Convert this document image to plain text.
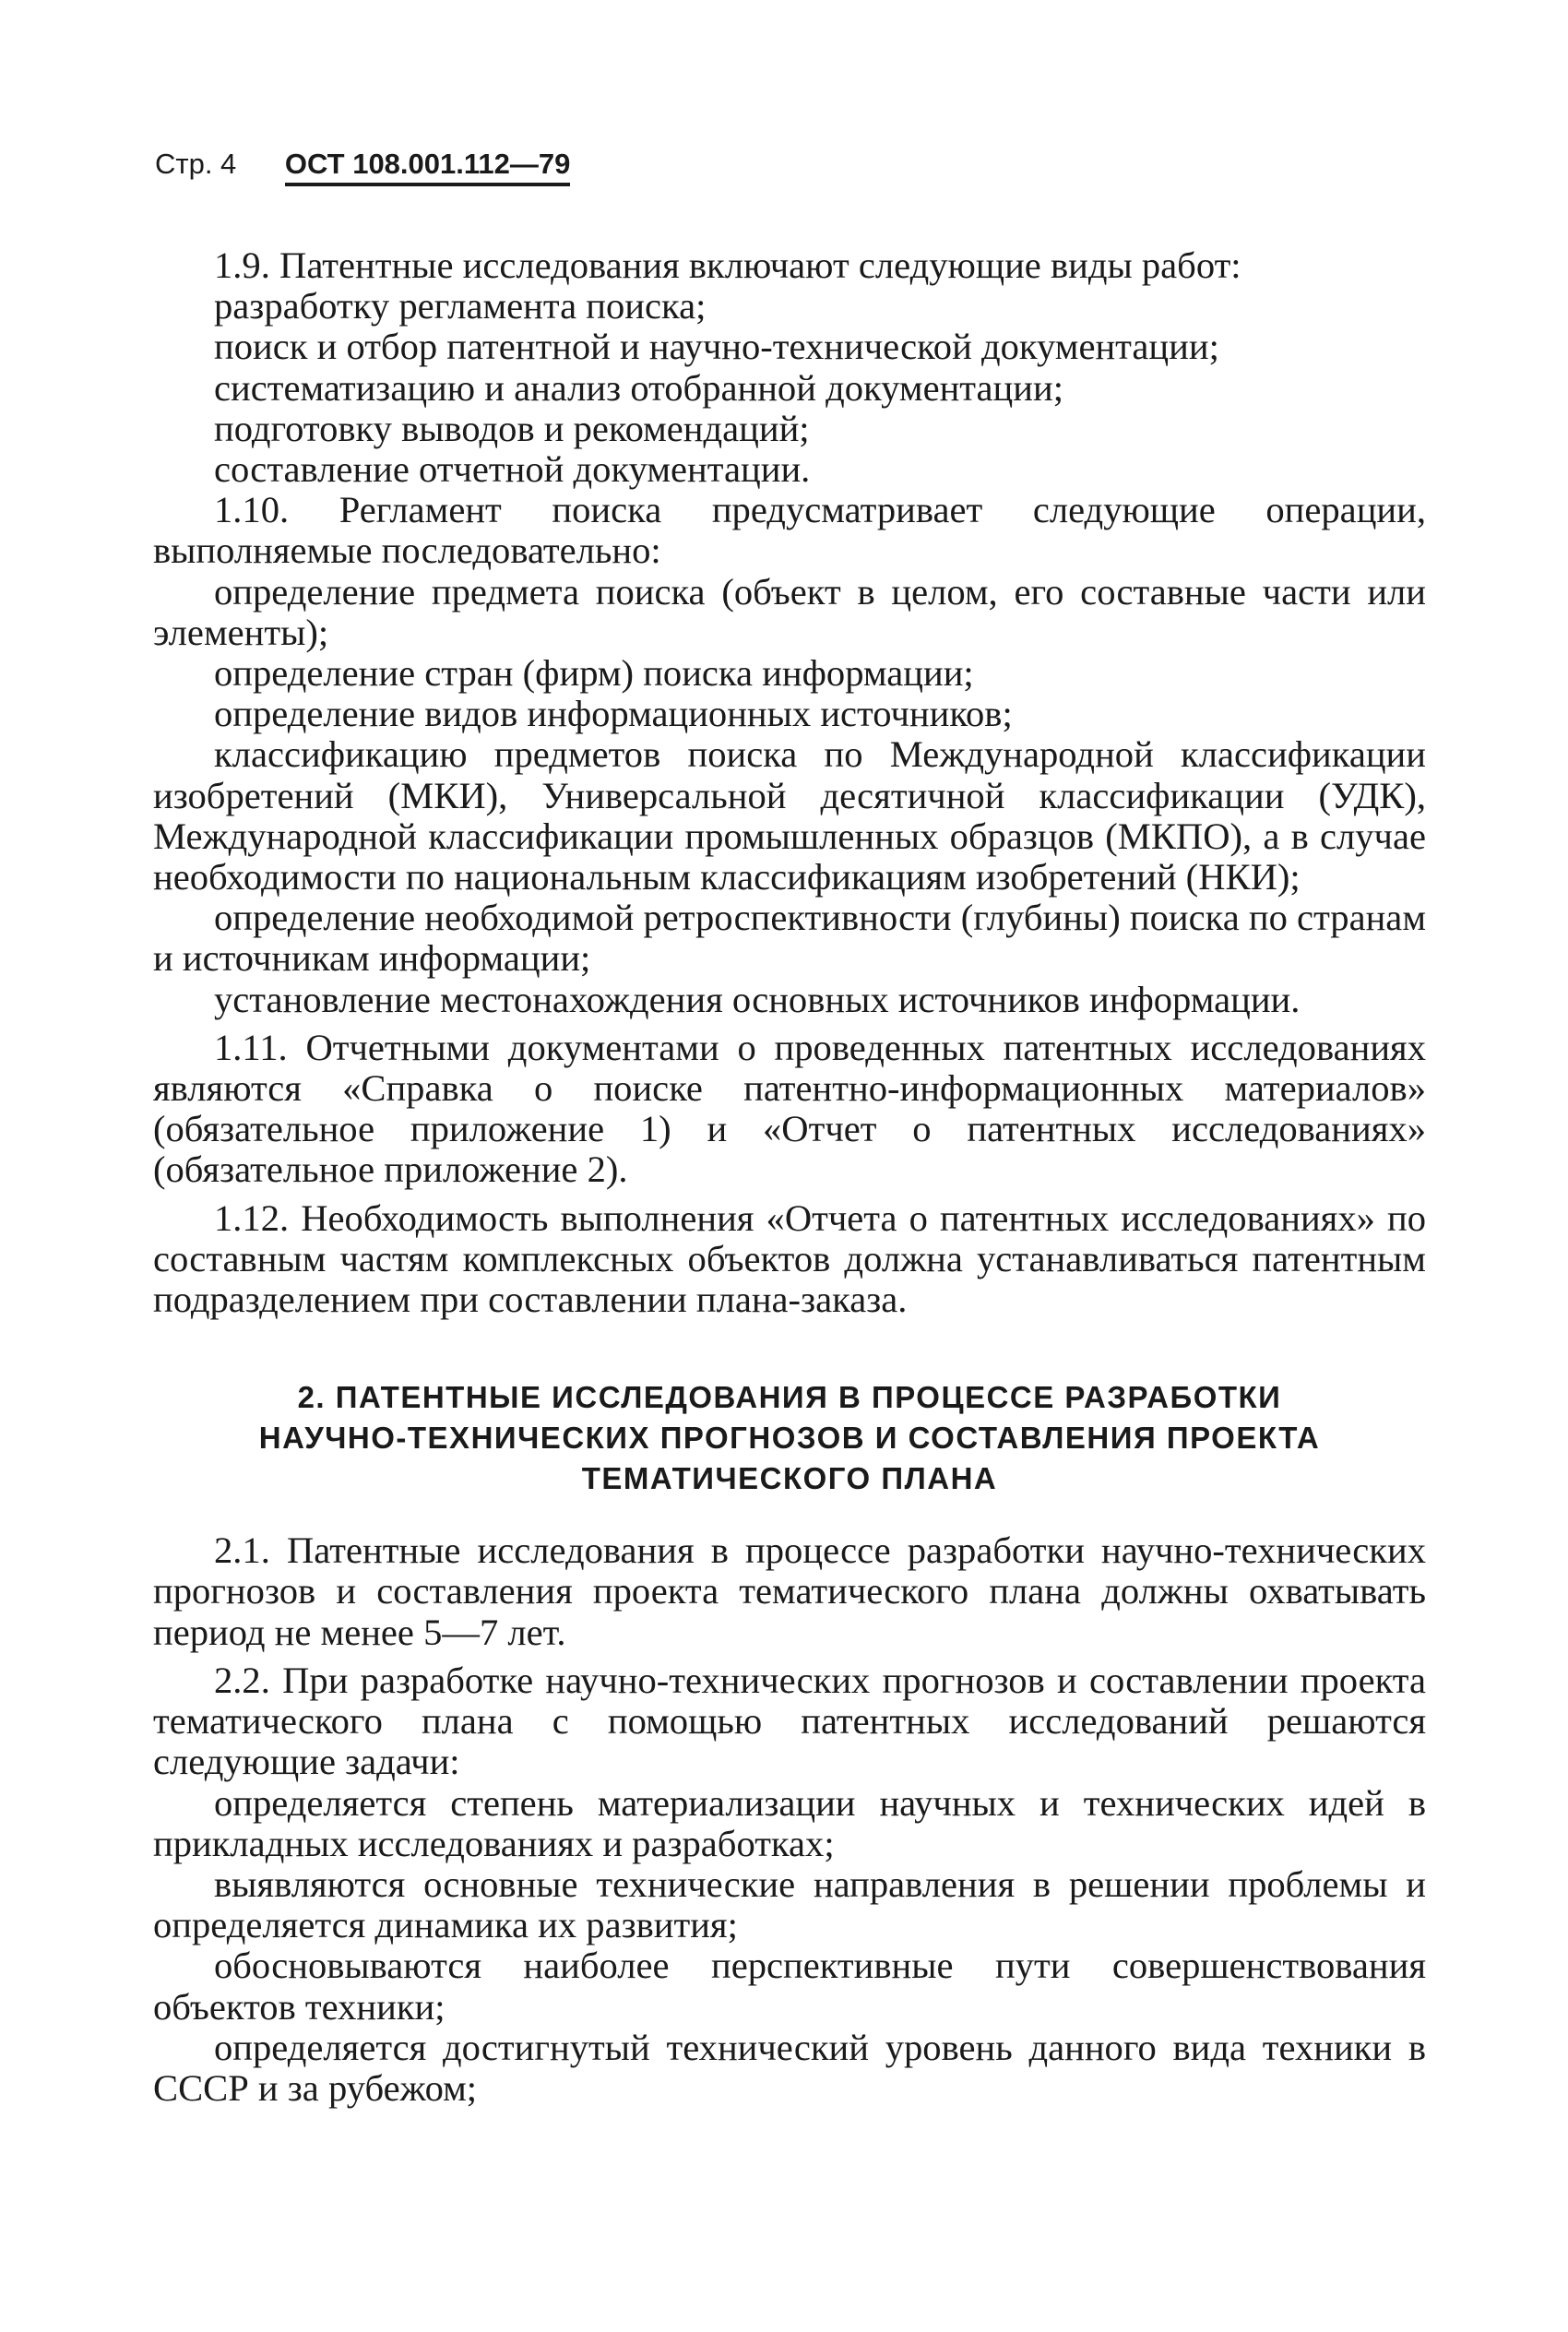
Стр. 4 ОСТ 108.001.112—79

1.9. Патентные исследования включают следующие виды работ:

разработку регламента поиска;

поиск и отбор патентной и научно-технической документации;

систематизацию и анализ отобранной документации;

подготовку выводов и рекомендаций;

составление отчетной документации.

1.10. Регламент поиска предусматривает следующие операции, выполняемые последовательно:

определение предмета поиска (объект в целом, его составные части или элементы);

определение стран (фирм) поиска информации;

определение видов информационных источников;

классификацию предметов поиска по Международной классификации изобретений (МКИ), Универсальной десятичной классификации (УДК), Международной классификации промышленных образцов (МКПО), а в случае необходимости по национальным классификациям изобретений (НКИ);

определение необходимой ретроспективности (глубины) поиска по странам и источникам информации;

установление местонахождения основных источников информации.

1.11. Отчетными документами о проведенных патентных исследованиях являются «Справка о поиске патентно-информационных материалов» (обязательное приложение 1) и «Отчет о патентных исследованиях» (обязательное приложение 2).

1.12. Необходимость выполнения «Отчета о патентных исследованиях» по составным частям комплексных объектов должна устанавливаться патентным подразделением при составлении плана-заказа.

2. ПАТЕНТНЫЕ ИССЛЕДОВАНИЯ В ПРОЦЕССЕ РАЗРАБОТКИ
НАУЧНО-ТЕХНИЧЕСКИХ ПРОГНОЗОВ И СОСТАВЛЕНИЯ ПРОЕКТА
ТЕМАТИЧЕСКОГО ПЛАНА

2.1. Патентные исследования в процессе разработки научно-технических прогнозов и составления проекта тематического плана должны охватывать период не менее 5—7 лет.

2.2. При разработке научно-технических прогнозов и составлении проекта тематического плана с помощью патентных исследований решаются следующие задачи:

определяется степень материализации научных и технических идей в прикладных исследованиях и разработках;

выявляются основные технические направления в решении проблемы и определяется динамика их развития;

обосновываются наиболее перспективные пути совершенствования объектов техники;

определяется достигнутый технический уровень данного вида техники в СССР и за рубежом;
